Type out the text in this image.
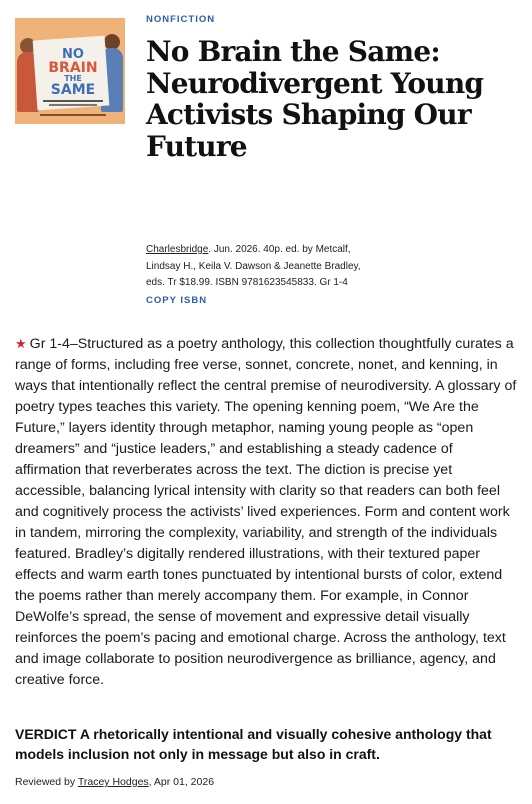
NO
BRAIN
THE
SAME
NONFICTION
No Brain the Same: Neurodivergent Young Activists Shaping Our Future
Charlesbridge. Jun. 2026. 40p. ed. by Metcalf, Lindsay H., Keila V. Dawson & Jeanette Bradley, eds. Tr $18.99. ISBN 9781623545833. Gr 1-4
COPY ISBN

★ Gr 1-4–Structured as a poetry anthology, this collection thoughtfully curates a range of forms, including free verse, sonnet, concrete, nonet, and kenning, in ways that intentionally reflect the central premise of neurodiversity. A glossary of poetry types teaches this variety. The opening kenning poem, “We Are the Future,” layers identity through metaphor, naming young people as “open dreamers” and “justice leaders,” and establishing a steady cadence of affirmation that reverberates across the text. The diction is precise yet accessible, balancing lyrical intensity with clarity so that readers can both feel and cognitively process the activists’ lived experiences. Form and content work in tandem, mirroring the complexity, variability, and strength of the individuals featured. Bradley’s digitally rendered illustrations, with their textured paper effects and warm earth tones punctuated by intentional bursts of color, extend the poems rather than merely accompany them. For example, in Connor DeWolfe’s spread, the sense of movement and expressive detail visually reinforces the poem’s pacing and emotional charge. Across the anthology, text and image collaborate to position neurodivergence as brilliance, agency, and creative force.

VERDICT A rhetorically intentional and visually cohesive anthology that models inclusion not only in message but also in craft.

Reviewed by Tracey Hodges, Apr 01, 2026
